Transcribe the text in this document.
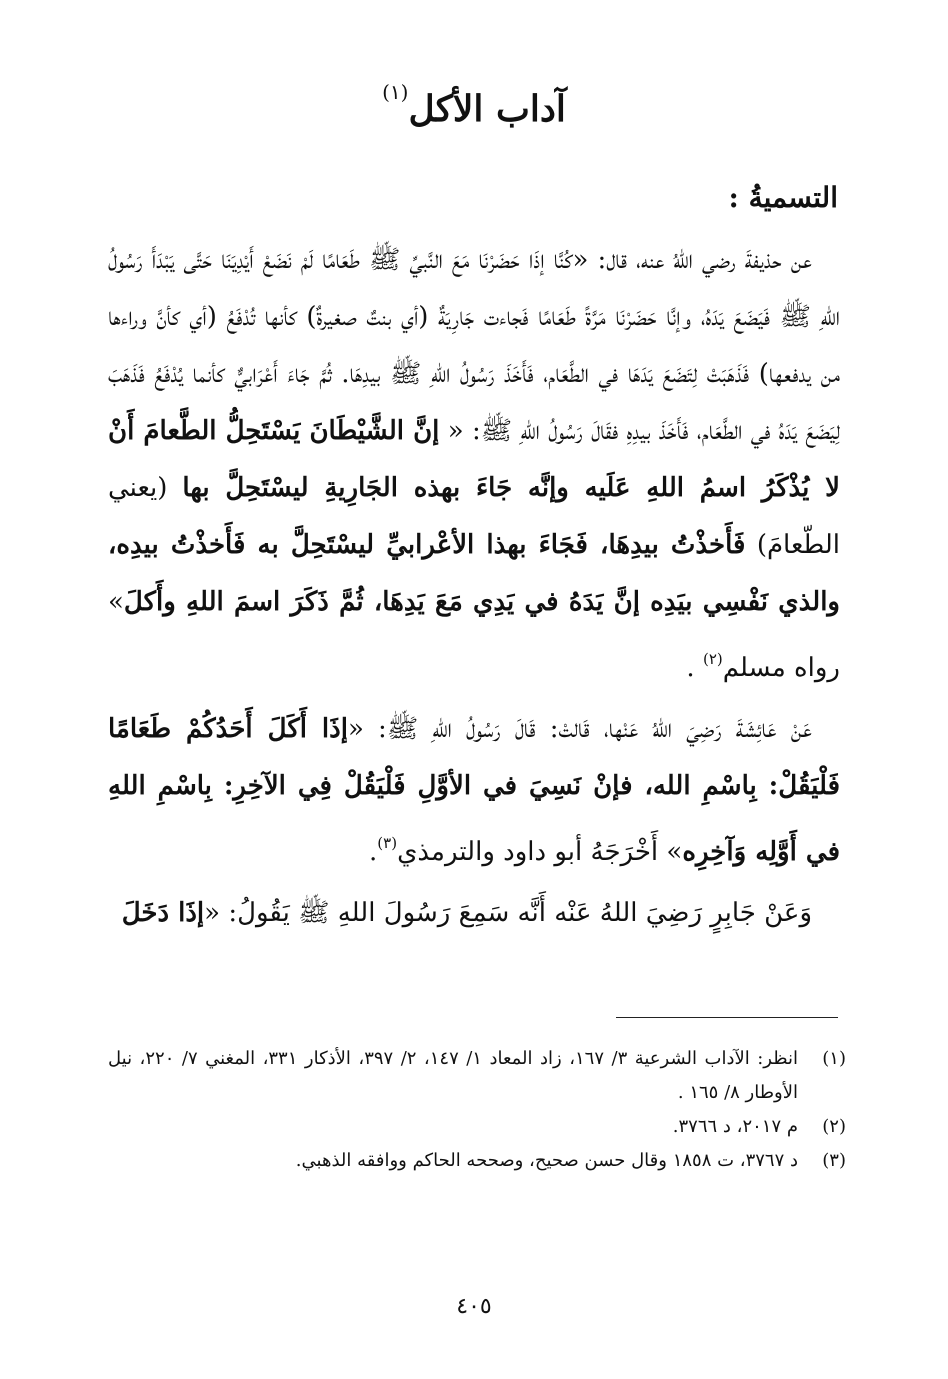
آداب الأكل$^{(١)}$
التسميةُ :

عن حذيفةَ رضي اللهُ عنه، قال: «كُنَّا إذَا حَضَرْنَا مَعَ النَّبيِّ ﷺ طَعَامًا لَمْ نَضَعْ أَيْدِيَنَا حَتَّى يَبْدَأَ رَسُولُ اللهِ ﷺ فَيَضَعَ يَدَهُ، وإنَّا حَضَرْنَا مَرَّةً طَعَامًا فَجاءت جَارِيَةٌ (أي بنتٌ صغيرةٌ) كأنها تُدْفَعُ (أي كأنَّ وراءها من يدفعها) فَذَهَبَتْ لِتَضَعَ يَدَهَا في الطَّعَام، فَأَخَذَ رَسُولُ اللهِ ﷺ بيدِهَا. ثُمَّ جَاءَ أَعْرَابيٌّ كأنما يُدْفَعُ فَذَهَبَ لِيَضَعَ يَدَهُ في الطَّعَام، فَأَخَذَ بيدِهِ فقَالَ رَسُولُ اللهِ ﷺ: « إنَّ الشَّيْطَانَ يَسْتَحِلُّ الطَّعامَ أَنْ لا يُذْكَرُ اسمُ اللهِ عَلَيه وإنَّه جَاءَ بهذه الجَارِيةِ ليسْتَحِلَّ بها (يعني الطّعامَ) فَأَخذْتُ بيدِهَا، فَجَاءَ بهذا الأعْرابيِّ ليسْتَحِلَّ به فَأَخذْتُ بيدِه، والذي نَفْسِي بيَدِه إنَّ يَدَهُ في يَدِي مَعَ يَدِهَا، ثُمَّ ذَكَرَ اسمَ اللهِ وأَكلَ» رواه مسلم$^{(٢)}$ .

عَنْ عَائِشَةَ رَضِيَ اللهُ عَنْها، قَالتْ: قَالَ رَسُولُ اللهِ ﷺ: «إذَا أَكَلَ أَحَدُكُمْ طَعَامًا فَلْيَقُلْ: بِاسْمِ الله، فإنْ نَسِيَ في الأوَّلِ فَلْيَقُلْ فِي الآخِرِ: بِاسْمِ اللهِ في أَوَّلِه وَآخِرِه» أَخْرَجَهُ أبو داود والترمذي$^{(٣)}$.

وَعَنْ جَابِرٍ رَضِيَ اللهُ عَنْه أَنَّه سَمِعَ رَسُولَ اللهِ ﷺ يَقُولُ: «إذَا دَخَلَ

(١)
انظر: الآداب الشرعية ٣/ ١٦٧، زاد المعاد ١/ ١٤٧، ٢/ ٣٩٧، الأذكار ٣٣١، المغني ٧/ ٢٢٠، نيل الأوطار ٨/ ١٦٥ .
(٢)
م ٢٠١٧، د ٣٧٦٦.
(٣)
د ٣٧٦٧، ت ١٨٥٨ وقال حسن صحيح، وصححه الحاكم ووافقه الذهبي.
٤٠٥
